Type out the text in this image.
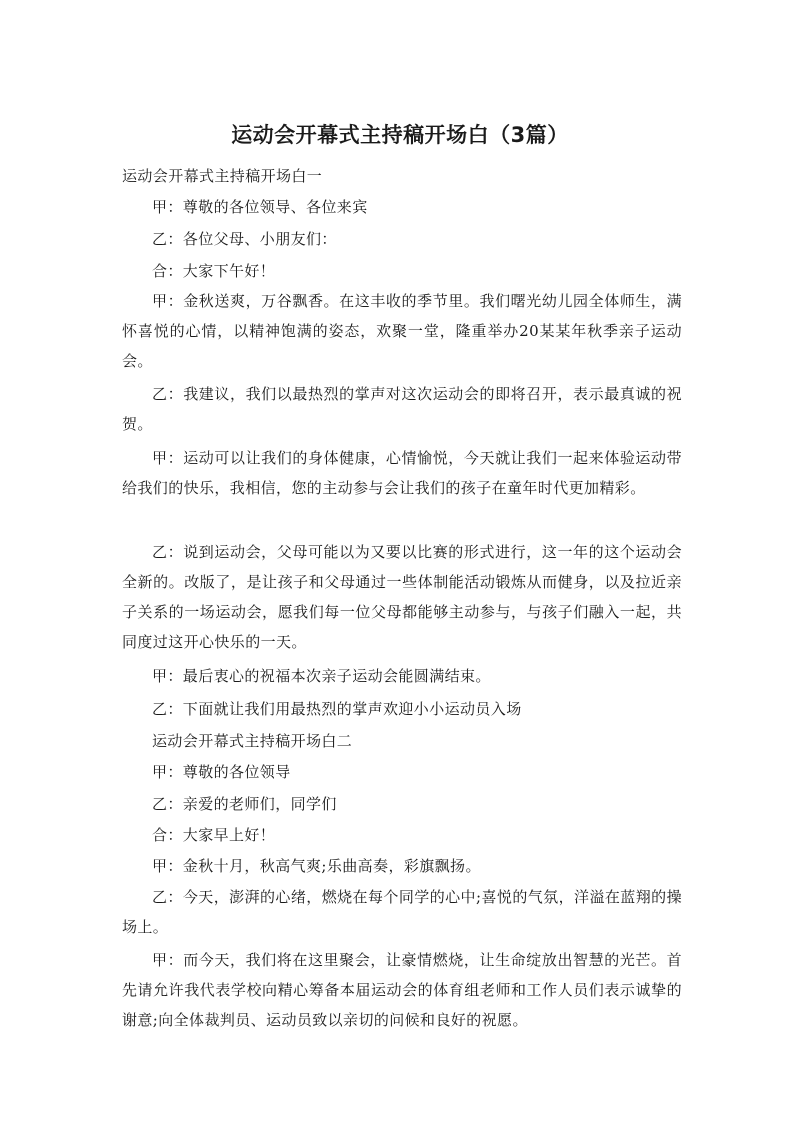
运动会开幕式主持稿开场白（3篇）
运动会开幕式主持稿开场白一
甲：尊敬的各位领导、各位来宾
乙：各位父母、小朋友们：
合：大家下午好！
甲：金秋送爽，万谷飘香。在这丰收的季节里。我们曙光幼儿园全体师生，满怀喜悦的心情，以精神饱满的姿态，欢聚一堂，隆重举办20某某年秋季亲子运动会。
乙：我建议，我们以最热烈的掌声对这次运动会的即将召开，表示最真诚的祝贺。
甲：运动可以让我们的身体健康，心情愉悦，今天就让我们一起来体验运动带给我们的快乐，我相信，您的主动参与会让我们的孩子在童年时代更加精彩。
乙：说到运动会，父母可能以为又要以比赛的形式进行，这一年的这个运动会全新的。改版了，是让孩子和父母通过一些体制能活动锻炼从而健身，以及拉近亲子关系的一场运动会，愿我们每一位父母都能够主动参与，与孩子们融入一起，共同度过这开心快乐的一天。
甲：最后衷心的祝福本次亲子运动会能圆满结束。
乙：下面就让我们用最热烈的掌声欢迎小小运动员入场
运动会开幕式主持稿开场白二
甲：尊敬的各位领导
乙：亲爱的老师们，同学们
合：大家早上好！
甲：金秋十月，秋高气爽;乐曲高奏，彩旗飘扬。
乙：今天，澎湃的心绪，燃烧在每个同学的心中;喜悦的气氛，洋溢在蓝翔的操场上。
甲：而今天，我们将在这里聚会，让豪情燃烧，让生命绽放出智慧的光芒。首先请允许我代表学校向精心筹备本届运动会的体育组老师和工作人员们表示诚挚的谢意;向全体裁判员、运动员致以亲切的问候和良好的祝愿。
